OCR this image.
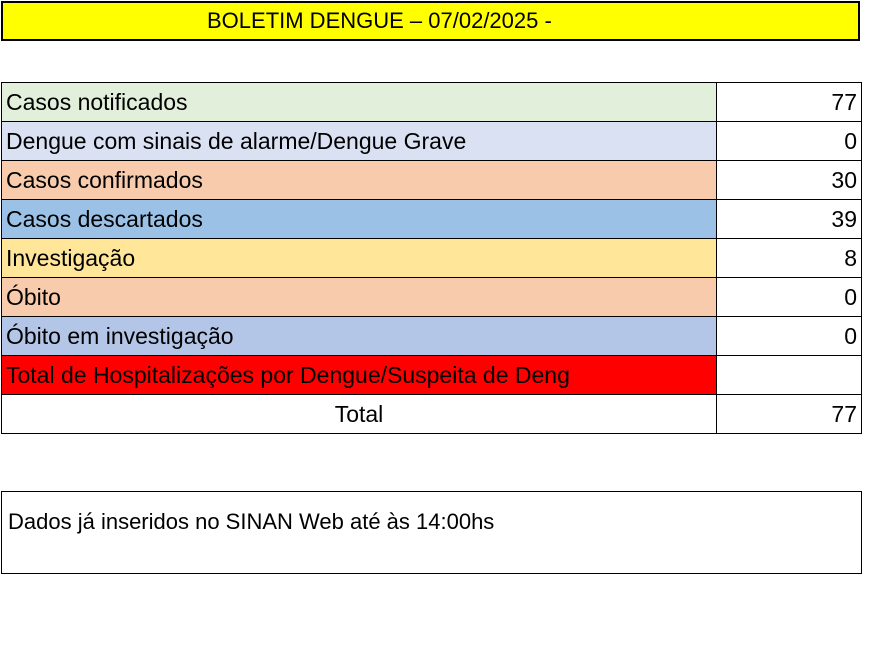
BOLETIM DENGUE – 07/02/2025 -
Casos notificados	77
Dengue com sinais de alarme/Dengue Grave	0
Casos confirmados	30
Casos descartados	39
Investigação	8
Óbito	0
Óbito em investigação	0
Total de Hospitalizações por Dengue/Suspeita de Deng	
Total	77
Dados já inseridos no SINAN Web até às 14:00hs
